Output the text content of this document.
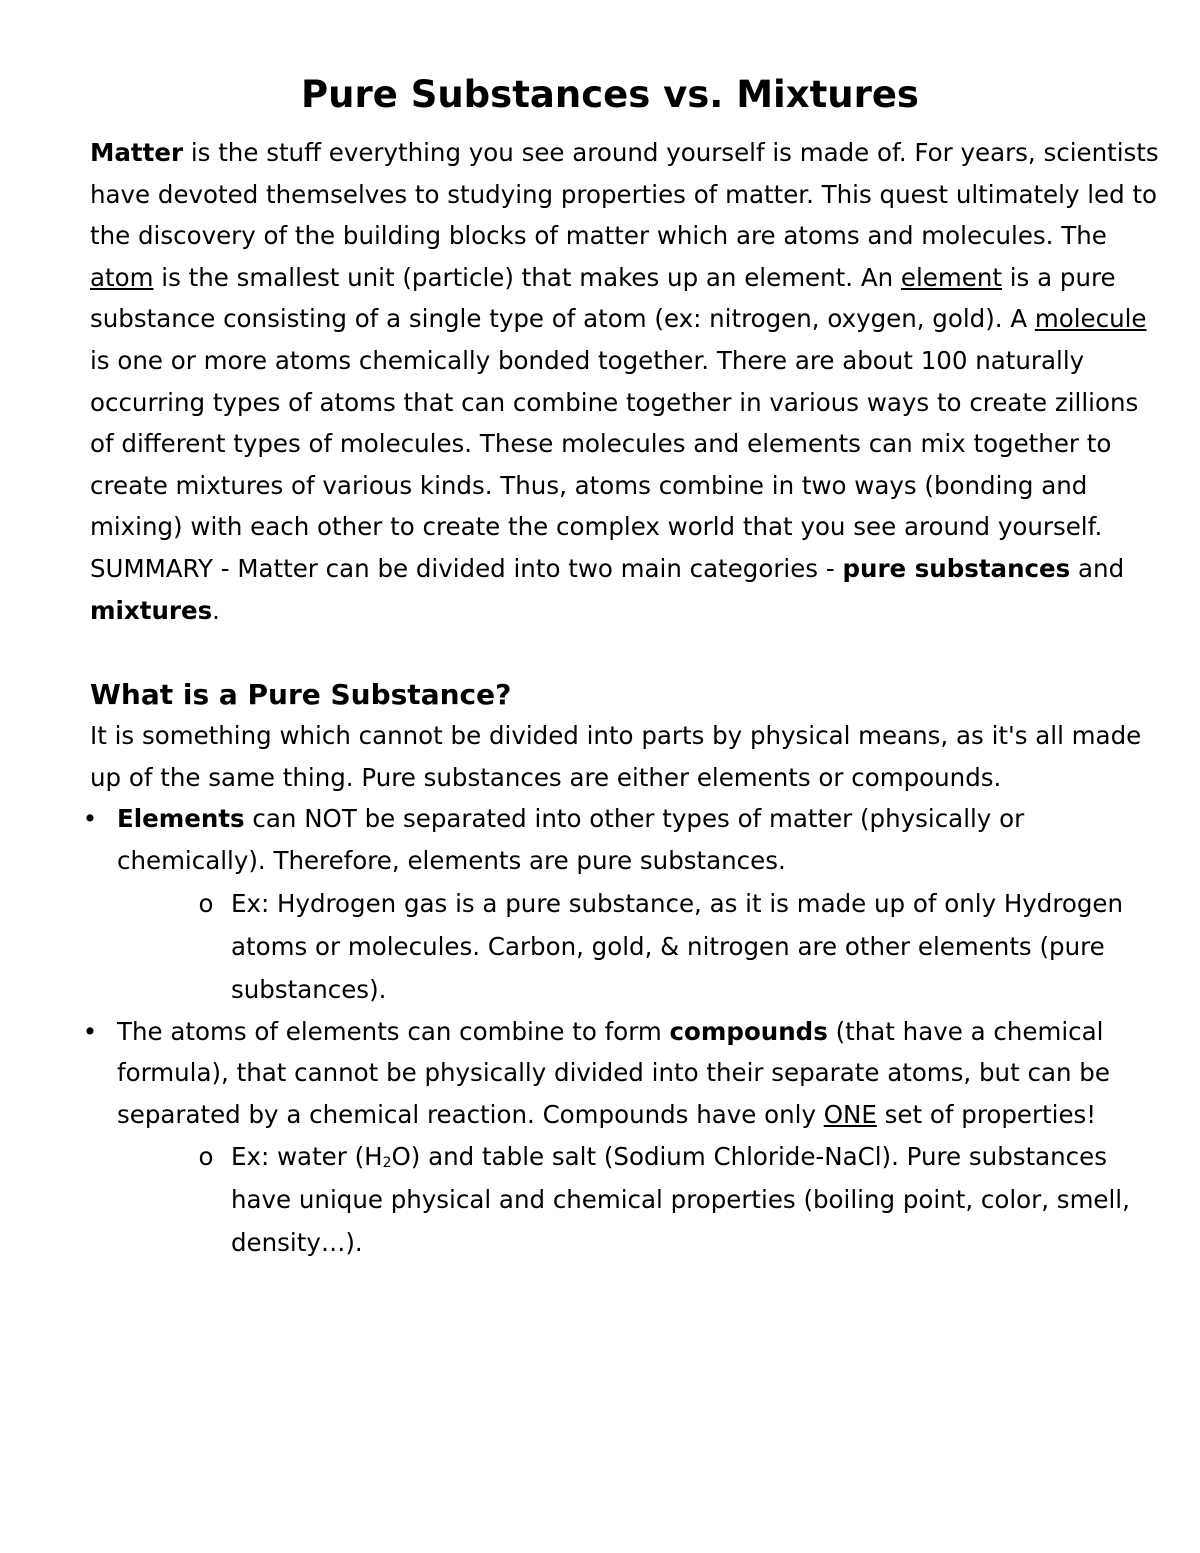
Pure Substances vs. Mixtures

Matter is the stuff everything you see around yourself is made of. For years, scientists have devoted themselves to studying properties of matter. This quest ultimately led to the discovery of the building blocks of matter which are atoms and molecules. The atom is the smallest unit (particle) that makes up an element. An element is a pure substance consisting of a single type of atom (ex: nitrogen, oxygen, gold). A molecule is one or more atoms chemically bonded together. There are about 100 naturally occurring types of atoms that can combine together in various ways to create zillions of different types of molecules. These molecules and elements can mix together to create mixtures of various kinds. Thus, atoms combine in two ways (bonding and mixing) with each other to create the complex world that you see around yourself.

SUMMARY - Matter can be divided into two main categories - pure substances and mixtures.

What is a Pure Substance?

It is something which cannot be divided into parts by physical means, as it's all made up of the same thing. Pure substances are either elements or compounds.

• Elements can NOT be separated into other types of matter (physically or chemically). Therefore, elements are pure substances.
o Ex: Hydrogen gas is a pure substance, as it is made up of only Hydrogen atoms or molecules. Carbon, gold, & nitrogen are other elements (pure substances).
• The atoms of elements can combine to form compounds (that have a chemical formula), that cannot be physically divided into their separate atoms, but can be separated by a chemical reaction. Compounds have only ONE set of properties!
o Ex: water $(H_2O)$ and table salt (Sodium Chloride-NaCl). Pure substances have unique physical and chemical properties (boiling point, color, smell, density…).
